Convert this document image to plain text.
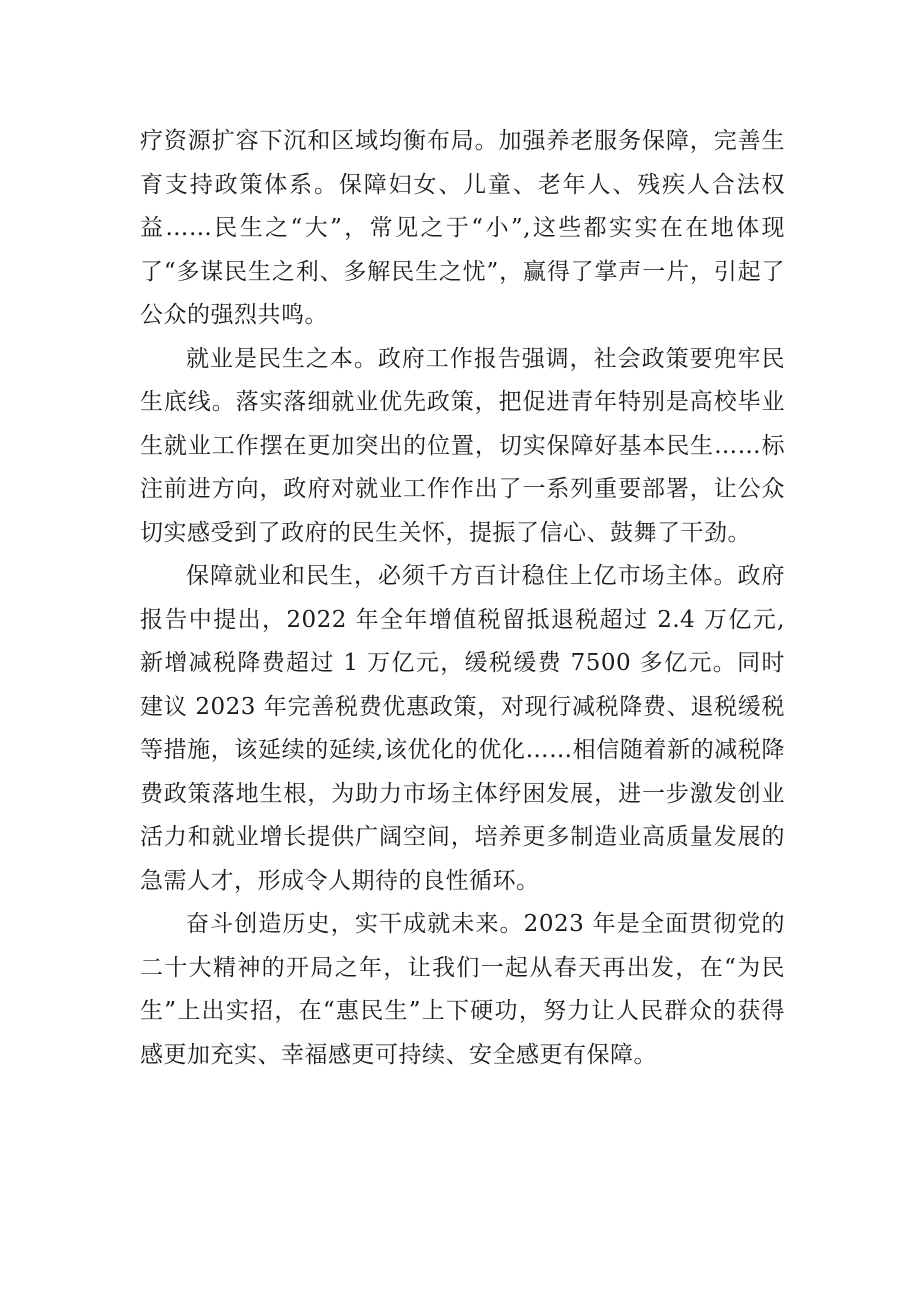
疗资源扩容下沉和区域均衡布局。加强养老服务保障，完善生育支持政策体系。保障妇女、儿童、老年人、残疾人合法权益……民生之“大”，常见之于“小”,这些都实实在在地体现了“多谋民生之利、多解民生之忧”，赢得了掌声一片，引起了公众的强烈共鸣。

就业是民生之本。政府工作报告强调，社会政策要兜牢民生底线。落实落细就业优先政策，把促进青年特别是高校毕业生就业工作摆在更加突出的位置，切实保障好基本民生……标注前进方向，政府对就业工作作出了一系列重要部署，让公众切实感受到了政府的民生关怀，提振了信心、鼓舞了干劲。

保障就业和民生，必须千方百计稳住上亿市场主体。政府报告中提出，2022 年全年增值税留抵退税超过 2.4 万亿元,新增减税降费超过 1 万亿元，缓税缓费 7500 多亿元。同时建议 2023 年完善税费优惠政策，对现行减税降费、退税缓税等措施，该延续的延续,该优化的优化……相信随着新的减税降费政策落地生根，为助力市场主体纾困发展，进一步激发创业活力和就业增长提供广阔空间，培养更多制造业高质量发展的急需人才，形成令人期待的良性循环。

奋斗创造历史，实干成就未来。2023 年是全面贯彻党的二十大精神的开局之年，让我们一起从春天再出发，在“为民生”上出实招，在“惠民生”上下硬功，努力让人民群众的获得感更加充实、幸福感更可持续、安全感更有保障。
